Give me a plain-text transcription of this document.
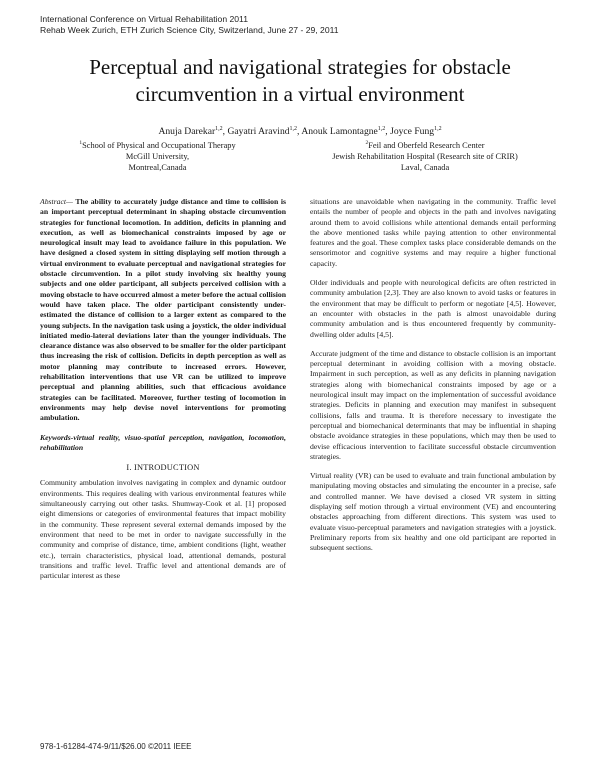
International Conference on Virtual Rehabilitation 2011
Rehab Week Zurich, ETH Zurich Science City, Switzerland, June 27 - 29, 2011
Perceptual and navigational strategies for obstacle
circumvention in a virtual environment
Anuja Darekar$^{1,2}$, Gayatri Aravind$^{1,2}$, Anouk Lamontagne$^{1,2}$, Joyce Fung$^{1,2}$
$^1$School of Physical and Occupational Therapy
McGill University,
Montreal,Canada
$^2$Feil and Oberfeld Research Center
Jewish Rehabilitation Hospital (Research site of CRIR)
Laval, Canada

Abstract— The ability to accurately judge distance and time to collision is an important perceptual determinant in shaping obstacle circumvention strategies for functional locomotion. In addition, deficits in planning and execution, as well as biomechanical constraints imposed by age or neurological insult may lead to avoidance failure in this population. We have designed a closed system in sitting displaying self motion through a virtual environment to evaluate perceptual and navigational strategies for obstacle circumvention. In a pilot study involving six healthy young subjects and one older participant, all subjects perceived collision with a moving obstacle to have occurred almost a meter before the actual collision would have taken place. The older participant consistently under-estimated the distance of collision to a larger extent as compared to the young subjects. In the navigation task using a joystick, the older individual initiated medio-lateral deviations later than the younger individuals. The clearance distance was also observed to be smaller for the older participant thus increasing the risk of collision. Deficits in depth perception as well as motor planning may contribute to increased errors. However, rehabilitation interventions that use VR can be utilized to improve perceptual and planning abilities, such that efficacious avoidance strategies can be facilitated. Moreover, further testing of locomotion in environments may help devise novel interventions for promoting ambulation.

Keywords-virtual reality, visuo-spatial perception, navigation, locomotion, rehabilitation

I. INTRODUCTION

Community ambulation involves navigating in complex and dynamic outdoor environments. This requires dealing with various environmental features while simultaneously carrying out other tasks. Shumway-Cook et al. [1] proposed eight dimensions or categories of environmental features that impact mobility in the community. These represent several external demands imposed by the environment that need to be met in order to navigate successfully in the community and comprise of distance, time, ambient conditions (light, weather etc.), terrain characteristics, physical load, attentional demands, postural transitions and traffic level. Traffic level and attentional demands are of particular interest as these

situations are unavoidable when navigating in the community. Traffic level entails the number of people and objects in the path and involves navigating around them to avoid collisions while attentional demands entail performing the above mentioned tasks while paying attention to other environmental features and the goal. These complex tasks place considerable demands on the sensorimotor and cognitive systems and may require a higher functional capacity.

Older individuals and people with neurological deficits are often restricted in community ambulation [2,3]. They are also known to avoid tasks or features in the environment that may be difficult to perform or negotiate [4,5]. However, an encounter with obstacles in the path is almost unavoidable during community ambulation and is thus encountered frequently by community-dwelling older adults [4,5].

Accurate judgment of the time and distance to obstacle collision is an important perceptual determinant in avoiding collision with a moving obstacle. Impairment in such perception, as well as any deficits in planning navigation strategies along with biomechanical constraints imposed by age or a neurological insult may impact on the implementation of successful avoidance strategies. Deficits in planning and execution may manifest in subsequent collisions, falls and trauma. It is therefore necessary to investigate the perceptual and biomechanical determinants that may be influential in shaping obstacle avoidance strategies in these populations, which may then be used to devise efficacious intervention to facilitate successful obstacle circumvention strategies.

Virtual reality (VR) can be used to evaluate and train functional ambulation by manipulating moving obstacles and simulating the encounter in a precise, safe and controlled manner. We have devised a closed VR system in sitting displaying self motion through a virtual environment (VE) and encountering obstacles approaching from different directions. This system was used to evaluate visuo-perceptual parameters and navigation strategies with a joystick. Preliminary reports from six healthy and one old participant are reported in subsequent sections.

978-1-61284-474-9/11/$26.00 ©2011 IEEE
